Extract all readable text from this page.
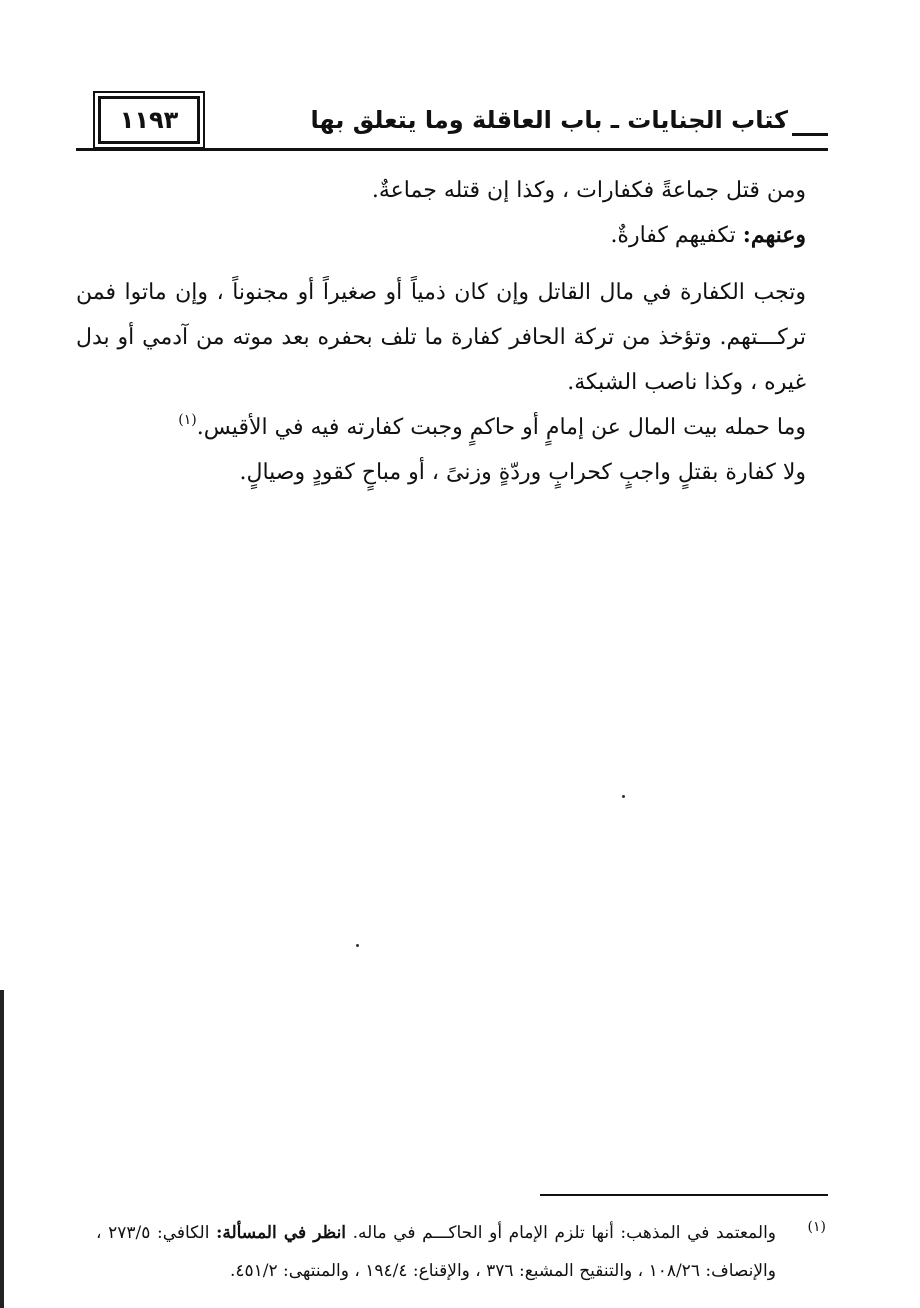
١١٩٣	كتاب الجنايات ـ باب العاقلة وما يتعلق بها

ومن قتل جماعةً فكفارات ، وكذا إن قتله جماعةٌ.

وعنهم: تكفيهم كفارةٌ.

وتجب الكفارة في مال القاتل وإن كان ذمياً أو صغيراً أو مجنوناً ، وإن ماتوا فمن تركـــتهم. وتؤخذ من تركة الحافر كفارة ما تلف بحفره بعد موته من آدمي أو بدل غيره ، وكذا ناصب الشبكة.

وما حمله بيت المال عن إمامٍ أو حاكمٍ وجبت كفارته فيه في الأقيس.$^{(١)}$

ولا كفارة بقتلٍ واجبٍ كحرابٍ وردّةٍ وزنىً ، أو مباحٍ كقودٍ وصيالٍ.

(١)
والمعتمد في المذهب: أنها تلزم الإمام أو الحاكـــم في ماله. انظر في المسألة: الكافي: ٢٧٣/٥ ، والإنصاف: ١٠٨/٢٦ ، والتنقيح المشبع: ٣٧٦ ، والإقناع: ١٩٤/٤ ، والمنتهى: ٤٥١/٢.
